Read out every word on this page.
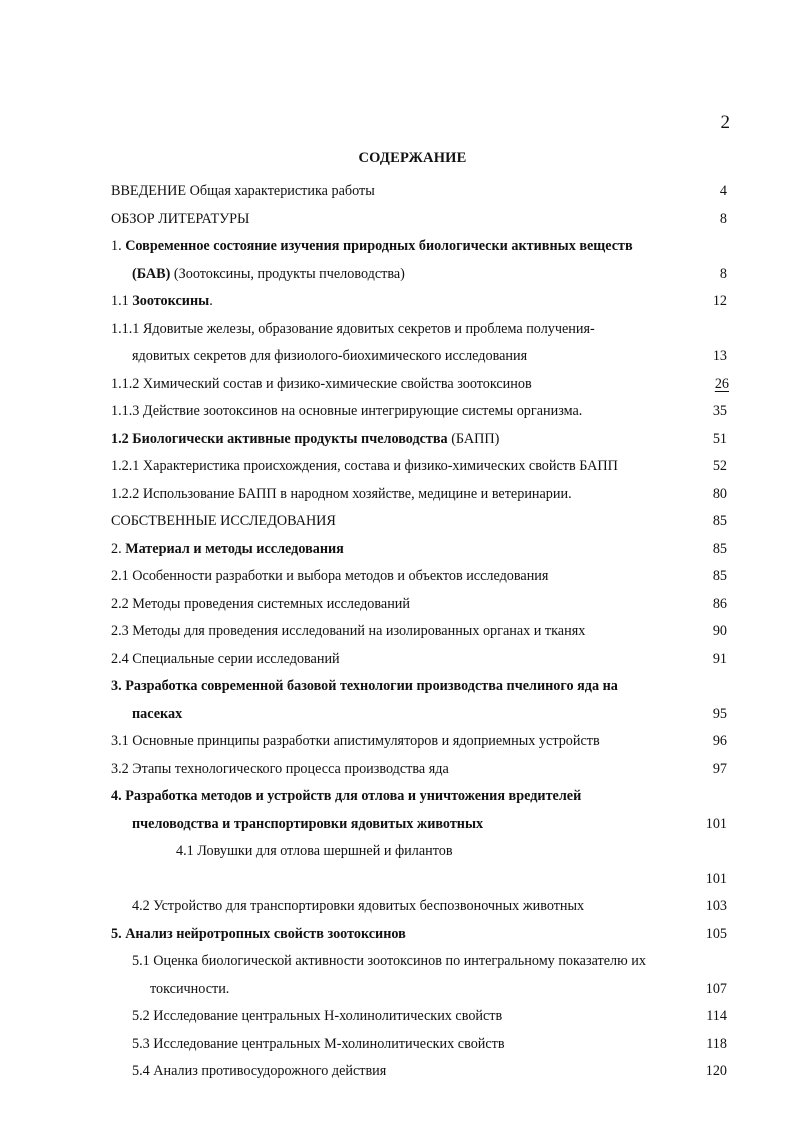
2
СОДЕРЖАНИЕ
ВВЕДЕНИЕ Общая характеристика работы	4
ОБЗОР ЛИТЕРАТУРЫ	8
1. Современное состояние изучения природных биологически активных веществ
(БАВ) (Зоотоксины, продукты пчеловодства)	8
1.1 Зоотоксины.	12
1.1.1 Ядовитые железы, образование ядовитых секретов и проблема получения-
ядовитых секретов для физиолого-биохимического исследования	13
1.1.2 Химический состав и физико-химические свойства зоотоксинов	26
1.1.3 Действие зоотоксинов на основные интегрирующие системы организма.	35
1.2 Биологически активные продукты пчеловодства (БАПП)	51
1.2.1 Характеристика происхождения, состава и физико-химических свойств БАПП	52
1.2.2 Использование БАПП в народном хозяйстве, медицине и ветеринарии.	80
СОБСТВЕННЫЕ ИССЛЕДОВАНИЯ	85
2. Материал и методы исследования	85
2.1 Особенности разработки и выбора методов и объектов исследования	85
2.2 Методы проведения системных исследований	86
2.3 Методы для проведения исследований на изолированных органах и тканях	90
2.4 Специальные серии исследований	91
3. Разработка современной базовой технологии производства пчелиного яда на
пасеках	95
3.1 Основные принципы разработки апистимуляторов и ядоприемных устройств	96
3.2 Этапы технологического процесса производства яда	97
4. Разработка методов и устройств для отлова и уничтожения вредителей
пчеловодства и транспортировки ядовитых животных	101
4.1 Ловушки для отлова шершней и филантов
101
4.2 Устройство для транспортировки ядовитых беспозвоночных животных	103
5. Анализ нейротропных свойств зоотоксинов	105
5.1 Оценка биологической активности зоотоксинов по интегральному показателю их
токсичности.	107
5.2 Исследование центральных Н-холинолитических свойств	114
5.3 Исследование центральных М-холинолитических свойств	118
5.4 Анализ противосудорожного действия	120
